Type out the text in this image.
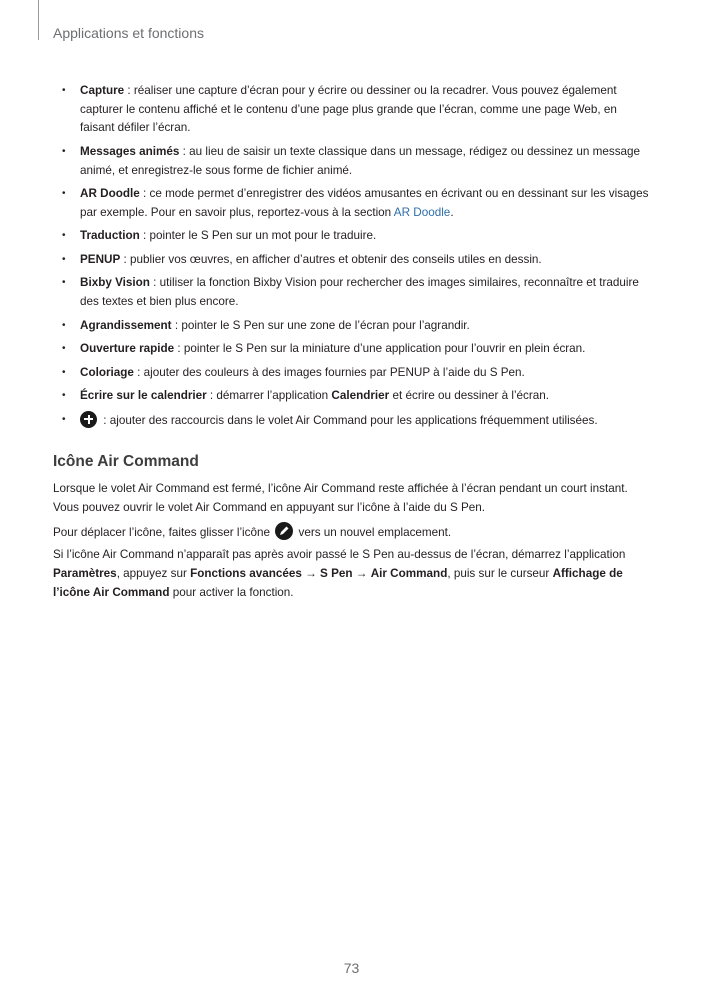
Applications et fonctions
• Capture : réaliser une capture d’écran pour y écrire ou dessiner ou la recadrer. Vous pouvez également capturer le contenu affiché et le contenu d’une page plus grande que l’écran, comme une page Web, en faisant défiler l’écran.
• Messages animés : au lieu de saisir un texte classique dans un message, rédigez ou dessinez un message animé, et enregistrez-le sous forme de fichier animé.
• AR Doodle : ce mode permet d’enregistrer des vidéos amusantes en écrivant ou en dessinant sur les visages par exemple. Pour en savoir plus, reportez-vous à la section AR Doodle.
• Traduction : pointer le S Pen sur un mot pour le traduire.
• PENUP : publier vos œuvres, en afficher d’autres et obtenir des conseils utiles en dessin.
• Bixby Vision : utiliser la fonction Bixby Vision pour rechercher des images similaires, reconnaître et traduire des textes et bien plus encore.
• Agrandissement : pointer le S Pen sur une zone de l’écran pour l’agrandir.
• Ouverture rapide : pointer le S Pen sur la miniature d’une application pour l’ouvrir en plein écran.
• Coloriage : ajouter des couleurs à des images fournies par PENUP à l’aide du S Pen.
• Écrire sur le calendrier : démarrer l’application Calendrier et écrire ou dessiner à l’écran.
•	: ajouter des raccourcis dans le volet Air Command pour les applications fréquemment utilisées.
Icône Air Command

Lorsque le volet Air Command est fermé, l’icône Air Command reste affichée à l’écran pendant un court instant. Vous pouvez ouvrir le volet Air Command en appuyant sur l’icône à l’aide du S Pen.

Pour déplacer l’icône, faites glisser l’icône
vers un nouvel emplacement.

Si l’icône Air Command n’apparaît pas après avoir passé le S Pen au-dessus de l’écran, démarrez l’application Paramètres, appuyez sur Fonctions avancées → S Pen → Air Command, puis sur le curseur Affichage de l’icône Air Command pour activer la fonction.

73
